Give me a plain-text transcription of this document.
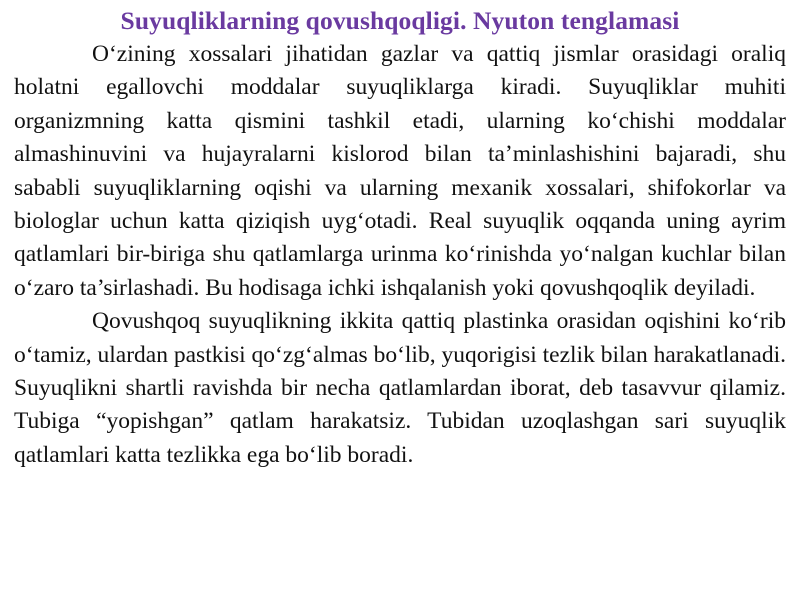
Suyuqliklarning qovushqoqligi. Nyuton tenglamasi

O‘zining xossalari jihatidan gazlar va qattiq jismlar orasidagi oraliq holatni egallovchi moddalar suyuqliklarga kiradi. Suyuqliklar muhiti organizmning katta qismini tashkil etadi, ularning ko‘chishi moddalar almashinuvini va hujayralarni kislorod bilan ta’minlashishini bajaradi, shu sababli suyuqliklarning oqishi va ularning mexanik xossalari, shifokorlar va biologlar uchun katta qiziqish uyg‘otadi. Real suyuqlik oqqanda uning ayrim qatlamlari bir-biriga shu qatlamlarga urinma ko‘rinishda yo‘nalgan kuchlar bilan o‘zaro ta’sirlashadi. Bu hodisaga ichki ishqalanish yoki qovushqoqlik deyiladi.

Qovushqoq suyuqlikning ikkita qattiq plastinka orasidan oqishini ko‘rib o‘tamiz, ulardan pastkisi qo‘zg‘almas bo‘lib, yuqorigisi tezlik bilan harakatlanadi. Suyuqlikni shartli ravishda bir necha qatlamlardan iborat, deb tasavvur qilamiz. Tubiga “yopishgan” qatlam harakatsiz. Tubidan uzoqlashgan sari suyuqlik qatlamlari katta tezlikka ega bo‘lib boradi.
